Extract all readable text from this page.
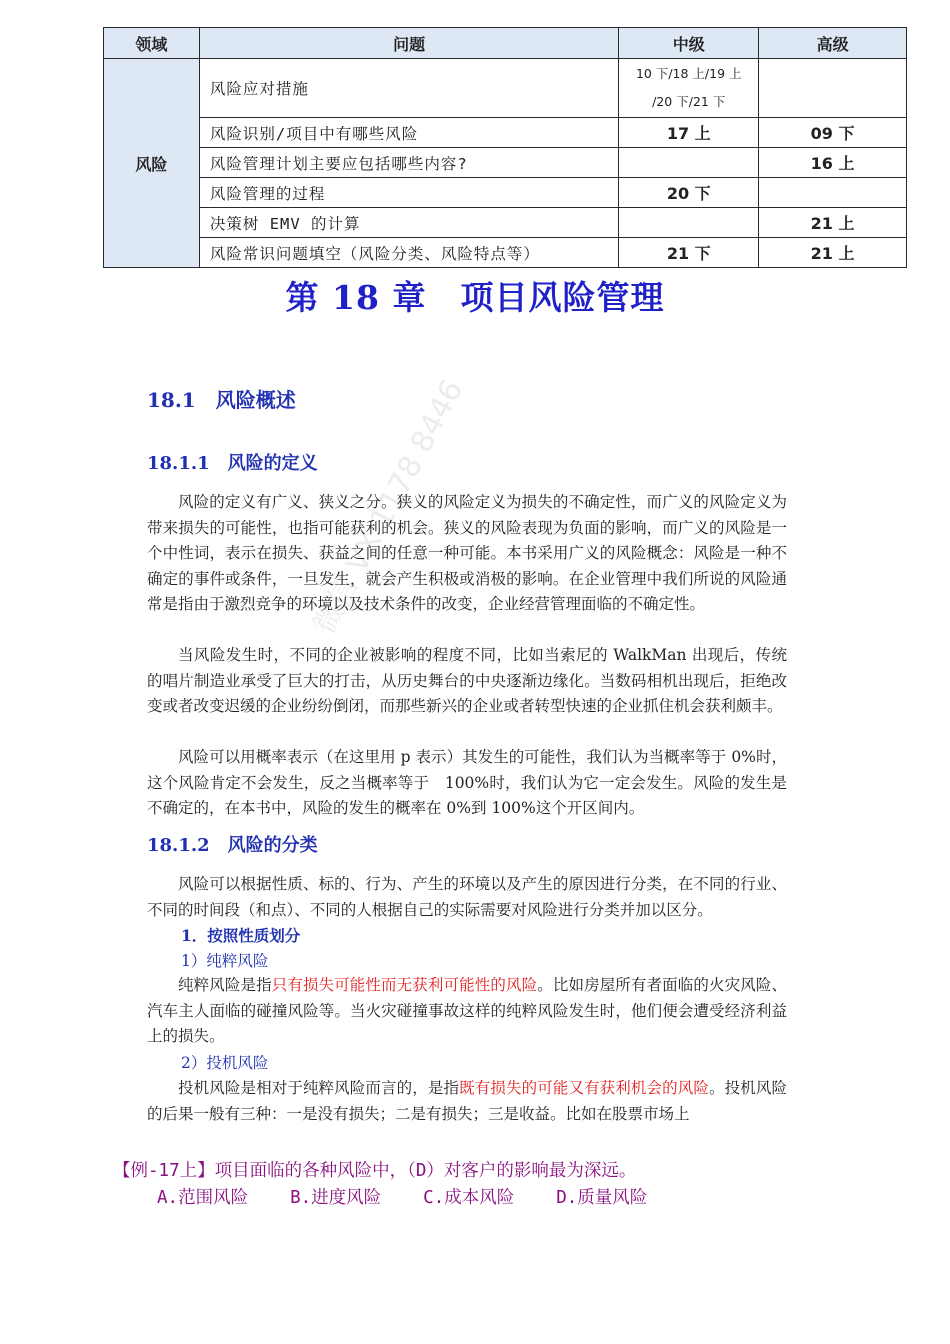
微信 VX 1178 8446
领域	问题	中级	高级
风险	风险应对措施	10 下/18 上/19 上
/20 下/21 下	

	风险识别/项目中有哪些风险	17 上	09 下
	风险管理计划主要应包括哪些内容?		16 上
	风险管理的过程	20 下	
	决策树 EMV 的计算		21 上
	风险常识问题填空（风险分类、风险特点等）	21 下	21 上
第 18 章　项目风险管理
18.1　风险概述
18.1.1　风险的定义
风险的定义有广义、狭义之分。狭义的风险定义为损失的不确定性，而广义的风险定义为带来损失的可能性，也指可能获利的机会。狭义的风险表现为负面的影响，而广义的风险是一个中性词，表示在损失、获益之间的任意一种可能。本书采用广义的风险概念：风险是一种不确定的事件或条件，一旦发生，就会产生积极或消极的影响。在企业管理中我们所说的风险通常是指由于激烈竞争的环境以及技术条件的改变，企业经营管理面临的不确定性。
当风险发生时，不同的企业被影响的程度不同，比如当索尼的 WalkMan 出现后，传统的唱片制造业承受了巨大的打击，从历史舞台的中央逐渐边缘化。当数码相机出现后，拒绝改变或者改变迟缓的企业纷纷倒闭，而那些新兴的企业或者转型快速的企业抓住机会获利颇丰。
风险可以用概率表示（在这里用 p 表示）其发生的可能性，我们认为当概率等于 0%时，这个风险肯定不会发生，反之当概率等于　100%时，我们认为它一定会发生。风险的发生是不确定的，在本书中，风险的发生的概率在 0%到 100%这个开区间内。
18.1.2　风险的分类
风险可以根据性质、标的、行为、产生的环境以及产生的原因进行分类，在不同的行业、不同的时间段（和点）、不同的人根据自己的实际需要对风险进行分类并加以区分。
1．按照性质划分
1）纯粹风险
纯粹风险是指只有损失可能性而无获利可能性的风险。比如房屋所有者面临的火灾风险、汽车主人面临的碰撞风险等。当火灾碰撞事故这样的纯粹风险发生时，他们便会遭受经济利益上的损失。
2）投机风险
投机风险是相对于纯粹风险而言的，是指既有损失的可能又有获利机会的风险。投机风险的后果一般有三种：一是没有损失；二是有损失；三是收益。比如在股票市场上
【例-17上】项目面临的各种风险中，（D）对客户的影响最为深远。
A.范围风险 B.进度风险 C.成本风险 D.质量风险
